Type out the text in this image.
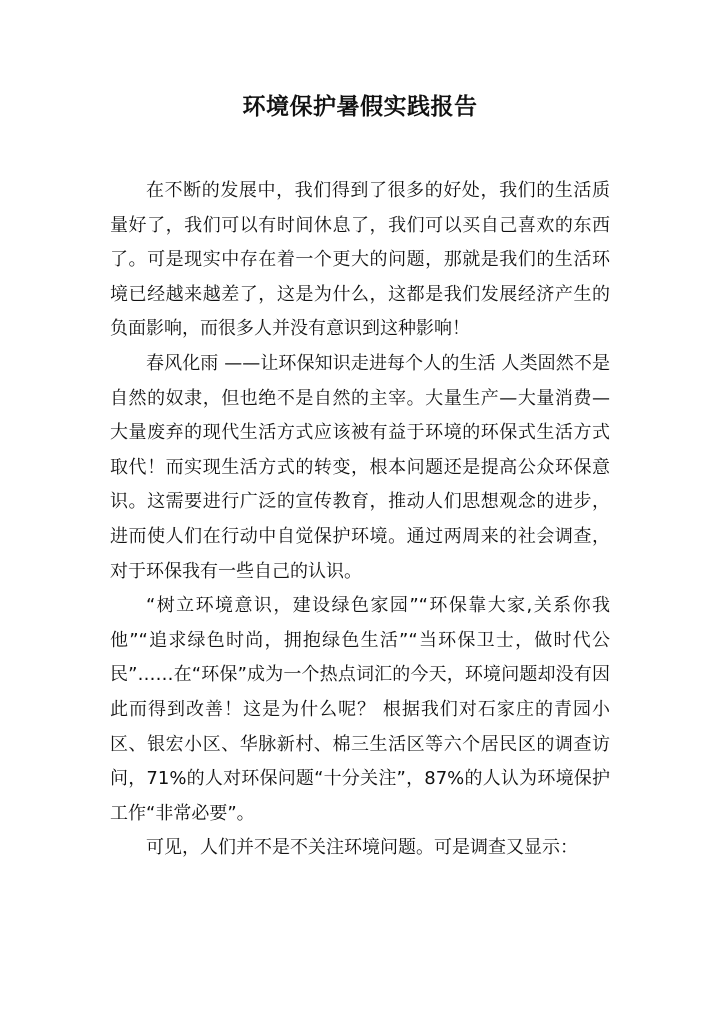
环境保护暑假实践报告

在不断的发展中，我们得到了很多的好处，我们的生活质量好了，我们可以有时间休息了，我们可以买自己喜欢的东西了。可是现实中存在着一个更大的问题，那就是我们的生活环境已经越来越差了，这是为什么，这都是我们发展经济产生的负面影响，而很多人并没有意识到这种影响！

春风化雨 ——让环保知识走进每个人的生活 人类固然不是自然的奴隶，但也绝不是自然的主宰。大量生产—大量消费—大量废弃的现代生活方式应该被有益于环境的环保式生活方式取代！而实现生活方式的转变，根本问题还是提高公众环保意识。这需要进行广泛的宣传教育，推动人们思想观念的进步，进而使人们在行动中自觉保护环境。通过两周来的社会调查，对于环保我有一些自己的认识。

“树立环境意识，建设绿色家园”“环保靠大家,关系你我他”“追求绿色时尚，拥抱绿色生活”“当环保卫士，做时代公民”……在“环保”成为一个热点词汇的今天，环境问题却没有因此而得到改善！这是为什么呢？ 根据我们对石家庄的青园小区、银宏小区、华脉新村、棉三生活区等六个居民区的调查访问，71%的人对环保问题“十分关注”，87%的人认为环境保护工作“非常必要”。

可见，人们并不是不关注环境问题。可是调查又显示：
